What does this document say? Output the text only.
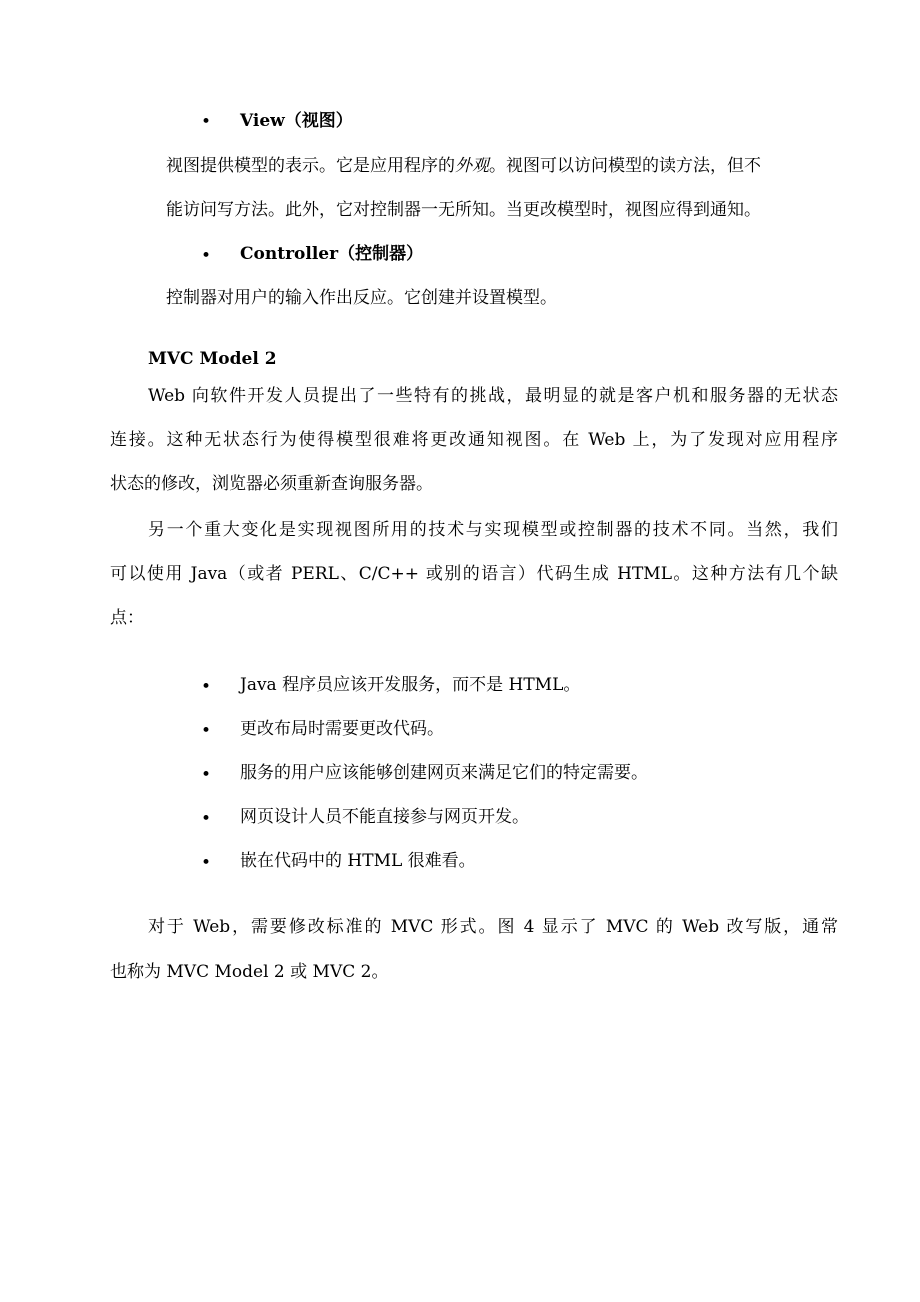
• View（视图）
视图提供模型的表示。它是应用程序的外观。视图可以访问模型的读方法，但不
能访问写方法。此外，它对控制器一无所知。当更改模型时，视图应得到通知。
• Controller（控制器）
控制器对用户的输入作出反应。它创建并设置模型。
MVC Model 2
Web 向软件开发人员提出了一些特有的挑战，最明显的就是客户机和服务器的无状态
连接。这种无状态行为使得模型很难将更改通知视图。在 Web 上，为了发现对应用程序
状态的修改，浏览器必须重新查询服务器。
另一个重大变化是实现视图所用的技术与实现模型或控制器的技术不同。当然，我们
可以使用 Java（或者 PERL、C/C++ 或别的语言）代码生成 HTML。这种方法有几个缺
点：
• Java 程序员应该开发服务，而不是 HTML。
• 更改布局时需要更改代码。
• 服务的用户应该能够创建网页来满足它们的特定需要。
• 网页设计人员不能直接参与网页开发。
• 嵌在代码中的 HTML 很难看。
对于 Web，需要修改标准的 MVC 形式。图 4 显示了 MVC 的 Web 改写版，通常
也称为 MVC Model 2 或 MVC 2。
